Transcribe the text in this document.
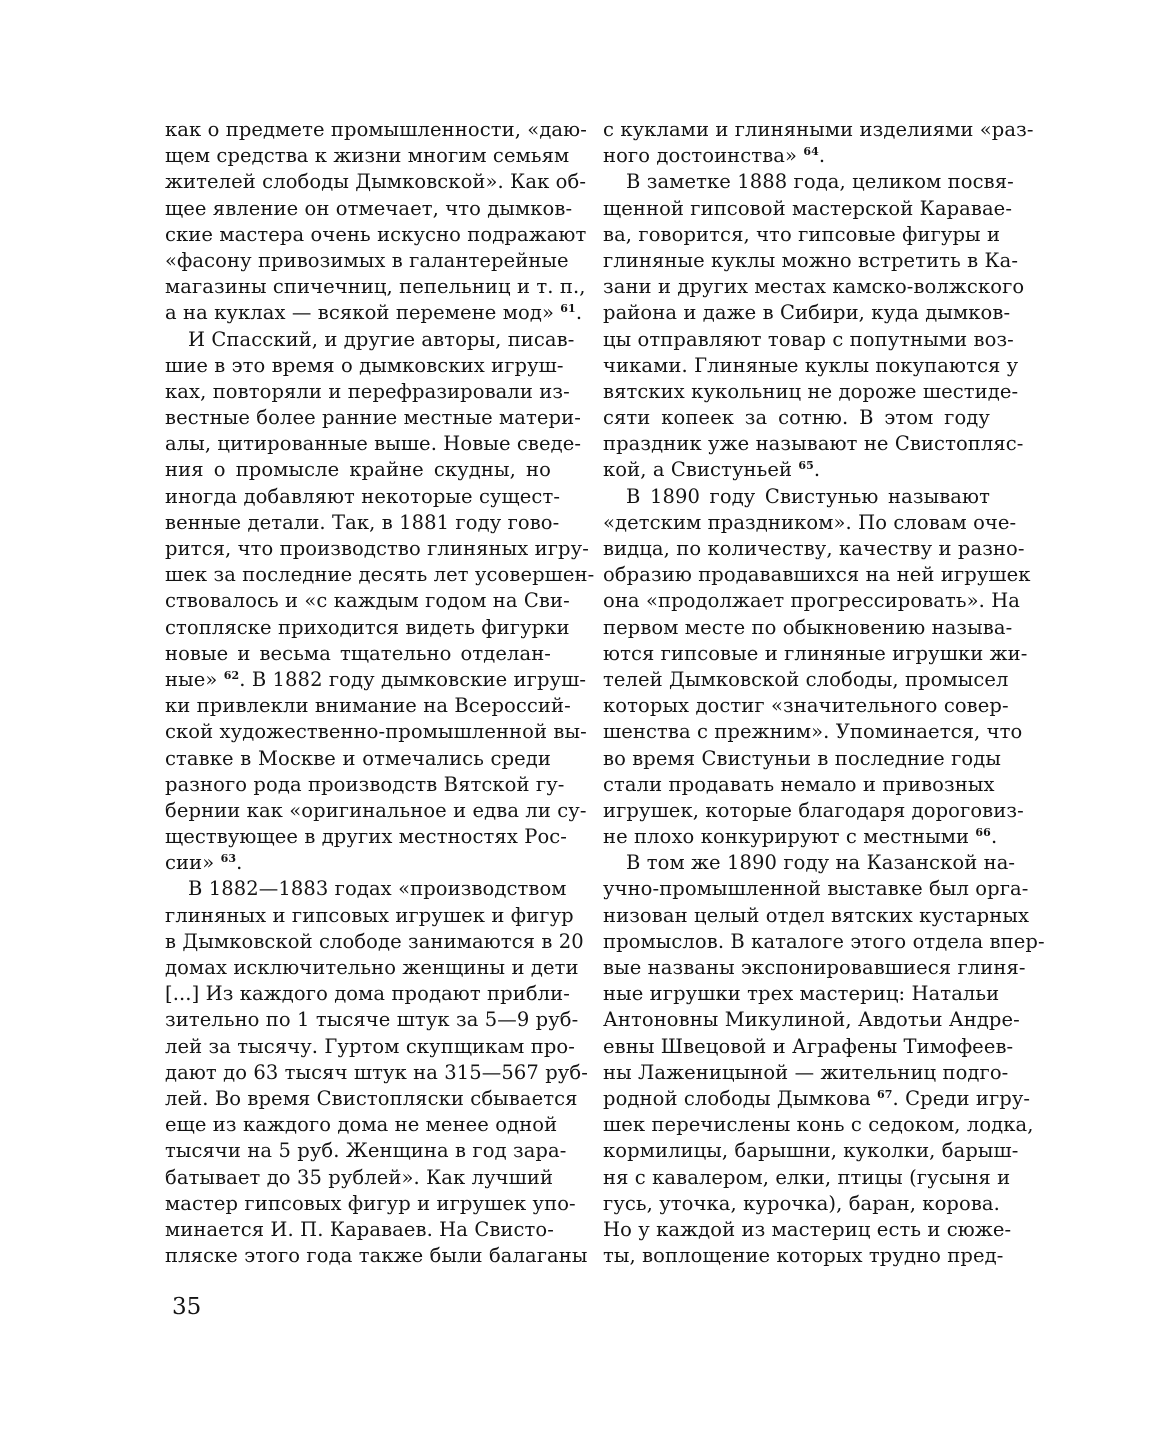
как о предмете промышленности, «даю-
щем средства к жизни многим семьям
жителей слободы Дымковской». Как об-
щее явление он отмечает, что дымков-
ские мастера очень искусно подражают
«фасону привозимых в галантерейные
магазины спичечниц, пепельниц и т. п.,
а на куклах — всякой перемене мод» $^{61}$.
И Спасский, и другие авторы, писав-
шие в это время о дымковских игруш-
ках, повторяли и перефразировали из-
вестные более ранние местные матери-
алы, цитированные выше. Новые сведе-
ния о промысле крайне скудны, но
иногда добавляют некоторые сущест-
венные детали. Так, в 1881 году гово-
рится, что производство глиняных игру-
шек за последние десять лет усовершен-
ствовалось и «с каждым годом на Сви-
стопляске приходится видеть фигурки
новые и весьма тщательно отделан-
ные» $^{62}$. В 1882 году дымковские игруш-
ки привлекли внимание на Всероссий-
ской художественно-промышленной вы-
ставке в Москве и отмечались среди
разного рода производств Вятской гу-
бернии как «оригинальное и едва ли су-
ществующее в других местностях Рос-
сии» $^{63}$.
В 1882—1883 годах «производством
глиняных и гипсовых игрушек и фигур
в Дымковской слободе занимаются в 20
домах исключительно женщины и дети
[...] Из каждого дома продают прибли-
зительно по 1 тысяче штук за 5—9 руб-
лей за тысячу. Гуртом скупщикам про-
дают до 63 тысяч штук на 315—567 руб-
лей. Во время Свистопляски сбывается
еще из каждого дома не менее одной
тысячи на 5 руб. Женщина в год зара-
батывает до 35 рублей». Как лучший
мастер гипсовых фигур и игрушек упо-
минается И. П. Караваев. На Свисто-
пляске этого года также были балаганы
с куклами и глиняными изделиями «раз-
ного достоинства» $^{64}$.
В заметке 1888 года, целиком посвя-
щенной гипсовой мастерской Каравае-
ва, говорится, что гипсовые фигуры и
глиняные куклы можно встретить в Ка-
зани и других местах камско-волжского
района и даже в Сибири, куда дымков-
цы отправляют товар с попутными воз-
чиками. Глиняные куклы покупаются у
вятских кукольниц не дороже шестиде-
сяти копеек за сотню. В этом году
праздник уже называют не Свистопляс-
кой, а Свистуньей $^{65}$.
В 1890 году Свистунью называют
«детским праздником». По словам оче-
видца, по количеству, качеству и разно-
образию продававшихся на ней игрушек
она «продолжает прогрессировать». На
первом месте по обыкновению называ-
ются гипсовые и глиняные игрушки жи-
телей Дымковской слободы, промысел
которых достиг «значительного совер-
шенства с прежним». Упоминается, что
во время Свистуньи в последние годы
стали продавать немало и привозных
игрушек, которые благодаря дороговиз-
не плохо конкурируют с местными $^{66}$.
В том же 1890 году на Казанской на-
учно-промышленной выставке был орга-
низован целый отдел вятских кустарных
промыслов. В каталоге этого отдела впер-
вые названы экспонировавшиеся глиня-
ные игрушки трех мастериц: Натальи
Антоновны Микулиной, Авдотьи Андре-
евны Швецовой и Аграфены Тимофеев-
ны Лаженицыной — жительниц подго-
родной слободы Дымкова $^{67}$. Среди игру-
шек перечислены конь с седоком, лодка,
кормилицы, барышни, куколки, барыш-
ня с кавалером, елки, птицы (гусыня и
гусь, уточка, курочка), баран, корова.
Но у каждой из мастериц есть и сюже-
ты, воплощение которых трудно пред-
35
